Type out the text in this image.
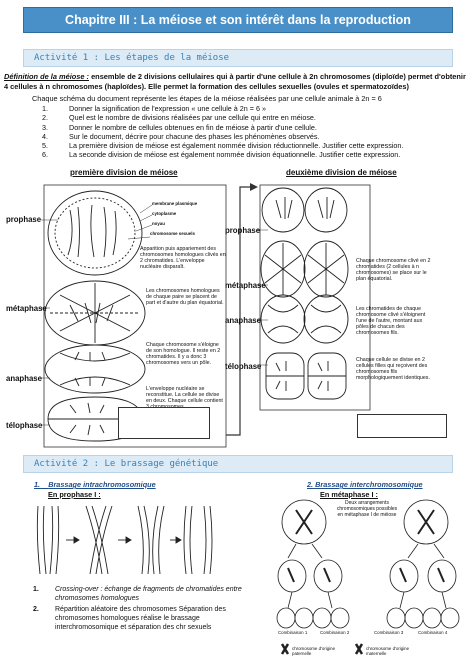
Chapitre III : La méiose et son intérêt dans la reproduction
Activité 1 : Les étapes de la méiose
Définition de la méiose : ensemble de 2 divisions cellulaires qui à partir d'une cellule à 2n chromosomes (diploïde) permet d'obtenir 4 cellules à n chromosomes (haploïdes). Elle permet la formation des cellules sexuelles (ovules et spermatozoïdes)
Chaque schéma du document représente les étapes de la méiose réalisées par une cellule animale à 2n = 6
1.	Donner la signification de l'expression « une cellule à 2n = 6 »
2.	Quel est le nombre de divisions réalisées par une cellule qui entre en méiose.
3.	Donner le nombre de cellules obtenues en fin de méiose à partir d'une cellule.
4.	Sur le document, décrire pour chacune des phases les phénomènes observés.
5.	La première division de méiose est également nommée division réductionnelle. Justifier cette expression.
6.	La seconde division de méiose est également nommée division équationnelle. Justifier cette expression.
première division de méiose	deuxième division de méiose
prophase
métaphase
anaphase
télophase
prophase
métaphase
anaphase
télophase
membrane plasmique
cytoplasme
noyau
chromosome sexuels
Apparition puis appariement des chromosomes homologues clivés en 2 chromatides. L'enveloppe nucléaire disparaît.
Les chromosomes homologues de chaque paire se placent de part et d'autre du plan équatorial.
Chaque chromosome s'éloigne de son homologue. Il reste en 2 chromatides. Il y a donc 3 chromosomes vers un pôle.
L'enveloppe nucléaire se reconstitue. La cellule se divise en deux. Chaque cellule contient
Chaque chromosome clivé en 2 chromatides (2 cellules à n chromosomes) se place sur le plan équatorial.
Les chromatides de chaque chromosome clivé s'éloignent l'une de l'autre, montant aux pôles de chacun des chromosomes fils.
Chaque cellule se divise en 2 cellules filles qui reçoivent des chromosomes fils morphologiquement identiques.
Activité 2 : Le brassage génétique
1. Brassage intrachromosomique
En prophase I :
2. Brassage interchromosomique
En métaphase I :
Deux arrangements chromosomiques possibles en métaphase I de méiose
Combinaison 1	Combinaison 2	Combinaison 3	Combinaison 4
chromosome d'origine paternelle
chromosome d'origine maternelle
1.	Crossing-over : échange de fragments de chromatides entre chromosomes homologues
2.	Répartition aléatoire des chromosomes Séparation des chromosomes homologues réalise le brassage interchromosomique et séparation des chr sexuels
